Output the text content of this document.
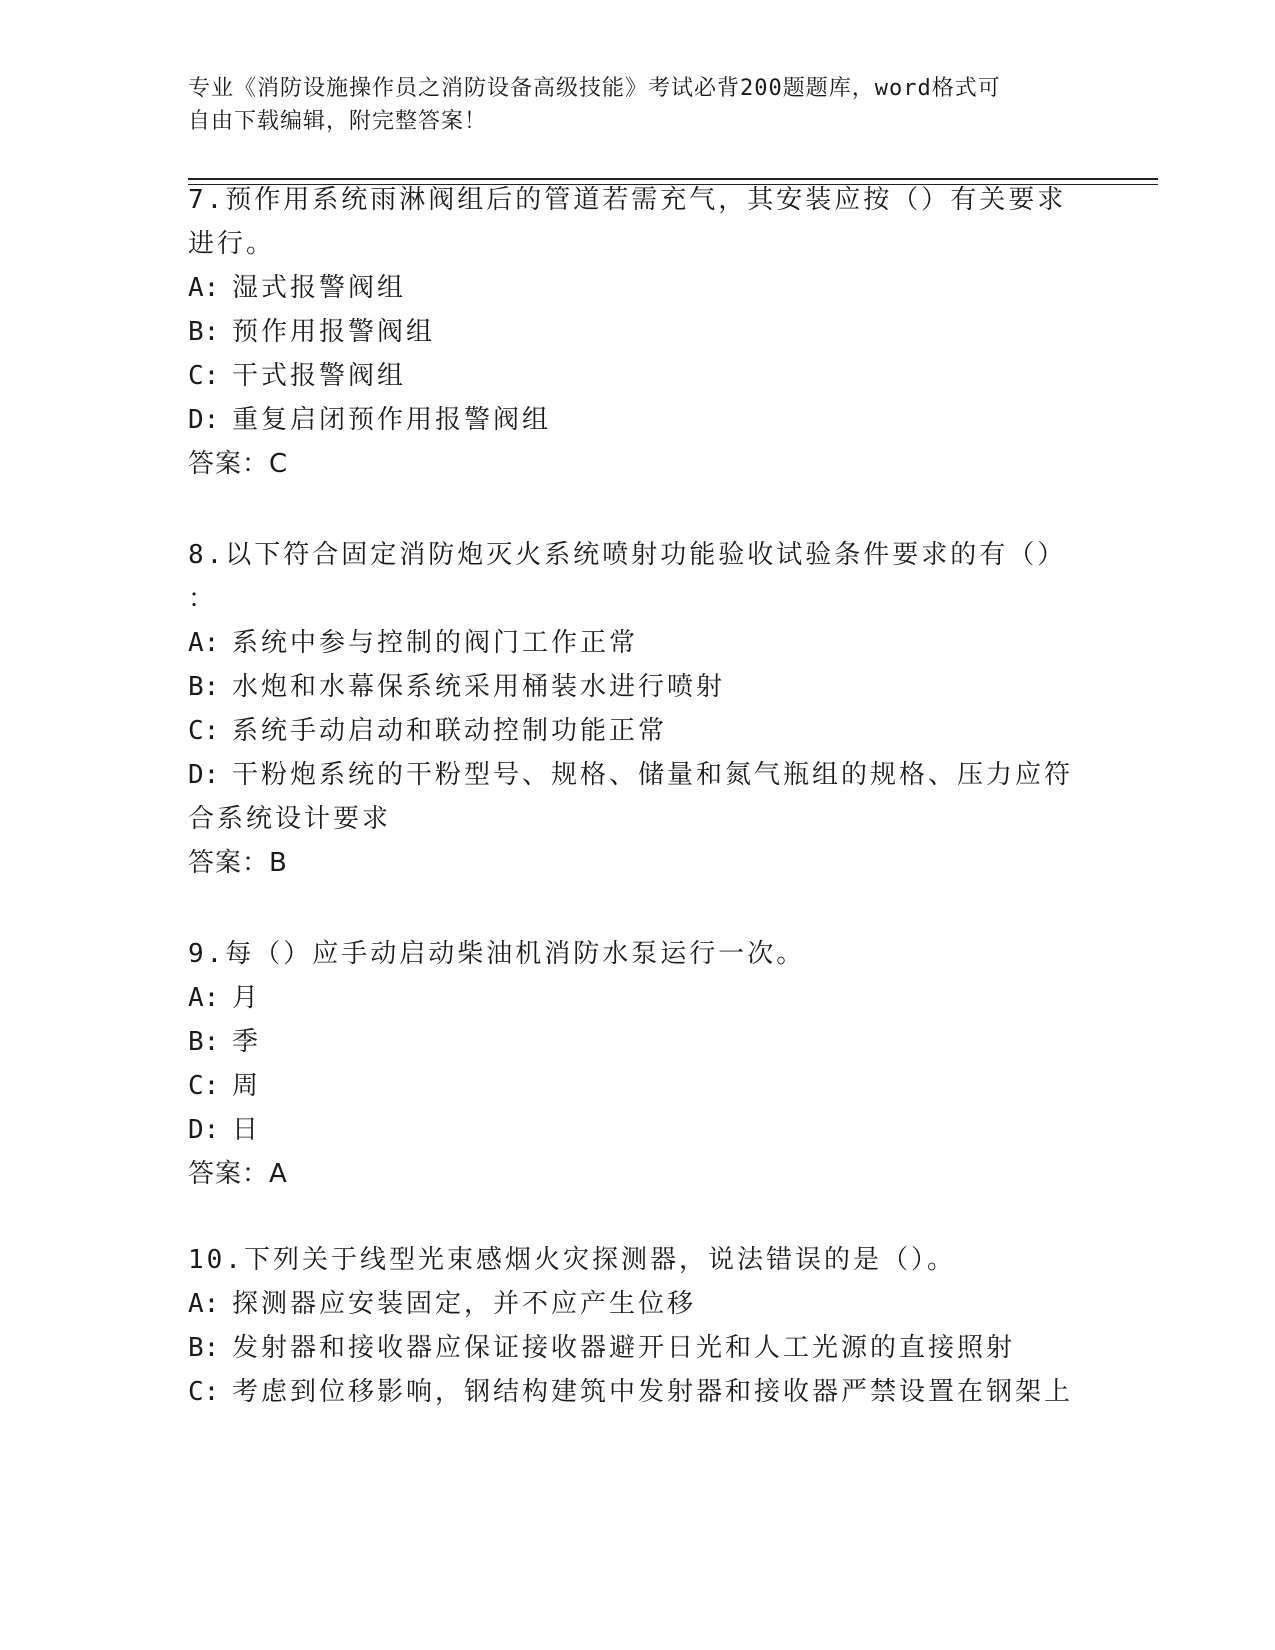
专业《消防设施操作员之消防设备高级技能》考试必背200题题库，word格式可
自由下载编辑，附完整答案！
7.预作用系统雨淋阀组后的管道若需充气，其安装应按（）有关要求
进行。
A: 湿式报警阀组
B: 预作用报警阀组
C: 干式报警阀组
D: 重复启闭预作用报警阀组
答案：C
8.以下符合固定消防炮灭火系统喷射功能验收试验条件要求的有（）
：
A: 系统中参与控制的阀门工作正常
B: 水炮和水幕保系统采用桶装水进行喷射
C: 系统手动启动和联动控制功能正常
D: 干粉炮系统的干粉型号、规格、储量和氮气瓶组的规格、压力应符
合系统设计要求
答案：B
9.每（）应手动启动柴油机消防水泵运行一次。
A: 月
B: 季
C: 周
D: 日
答案：A
10.下列关于线型光束感烟火灾探测器，说法错误的是（）。
A: 探测器应安装固定，并不应产生位移
B: 发射器和接收器应保证接收器避开日光和人工光源的直接照射
C: 考虑到位移影响，钢结构建筑中发射器和接收器严禁设置在钢架上
